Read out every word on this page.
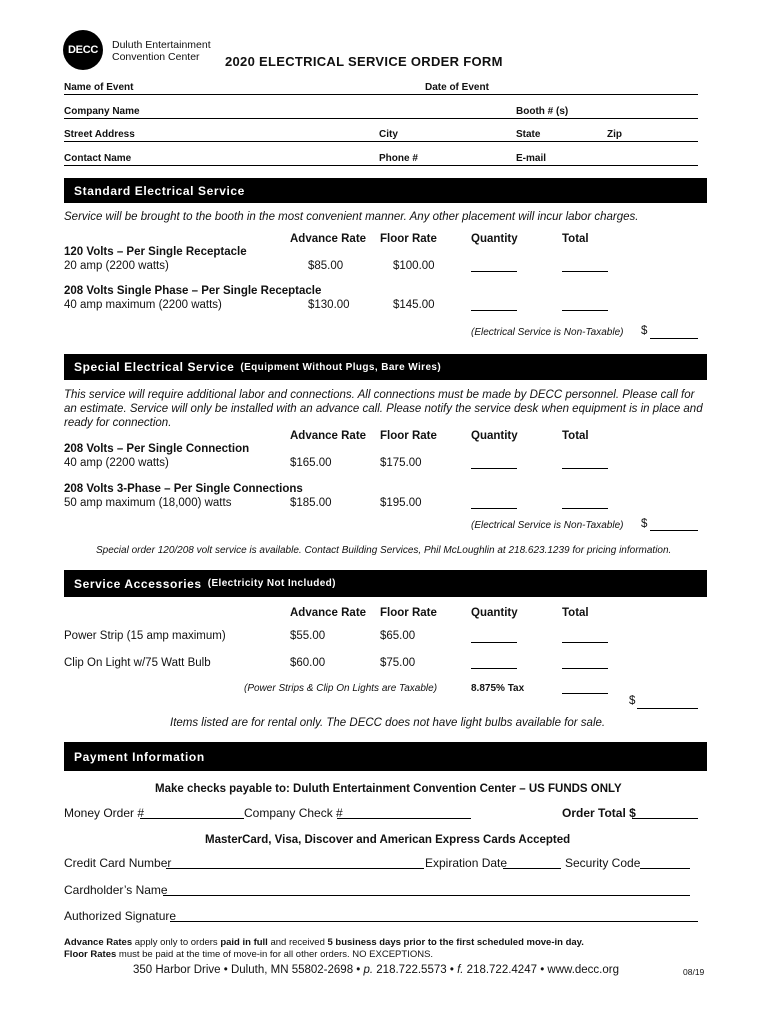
DECC	Duluth Entertainment
Convention Center 2020 ELECTRICAL SERVICE ORDER FORM
Name of Event	Date of Event
Company Name	Booth # (s)
Street Address	City	State	Zip
Contact Name	Phone #	E-mail
Standard Electrical Service
Service will be brought to the booth in the most convenient manner. Any other placement will incur labor charges.
Advance Rate Floor Rate	Quantity	Total
120 Volts – Per Single Receptacle
20 amp (2200 watts)	$85.00	$100.00
208 Volts Single Phase – Per Single Receptacle
40 amp maximum (2200 watts)	$130.00	$145.00
(Electrical Service is Non-Taxable) $
Special Electrical Service (Equipment Without Plugs, Bare Wires)
This service will require additional labor and connections. All connections must be made by DECC personnel. Please call for
an estimate. Service will only be installed with an advance call. Please notify the service desk when equipment is in place and
ready for connection.
Advance Rate Floor Rate	Quantity	Total
208 Volts – Per Single Connection
40 amp (2200 watts)	$165.00	$175.00
208 Volts 3-Phase – Per Single Connections
50 amp maximum (18,000) watts	$185.00	$195.00
(Electrical Service is Non-Taxable) $
Special order 120/208 volt service is available. Contact Building Services, Phil McLoughlin at 218.623.1239 for pricing information.
Service Accessories (Electricity Not Included)
Advance Rate Floor Rate	Quantity	Total
Power Strip (15 amp maximum)	$55.00	$65.00
Clip On Light w/75 Watt Bulb	$60.00	$75.00
(Power Strips & Clip On Lights are Taxable)	8.875% Tax
$
Items listed are for rental only. The DECC does not have light bulbs available for sale.
Payment Information
Make checks payable to: Duluth Entertainment Convention Center – US FUNDS ONLY
Money Order #	Company Check #	Order Total $
MasterCard, Visa, Discover and American Express Cards Accepted
Credit Card Number	Expiration Date	Security Code
Cardholder’s Name
Authorized Signature
Advance Rates apply only to orders paid in full and received 5 business days prior to the first scheduled move-in day.
Floor Rates must be paid at the time of move-in for all other orders. NO EXCEPTIONS.
350 Harbor Drive • Duluth, MN 55802-2698 • p. 218.722.5573 • f. 218.722.4247 • www.decc.org	08/19
